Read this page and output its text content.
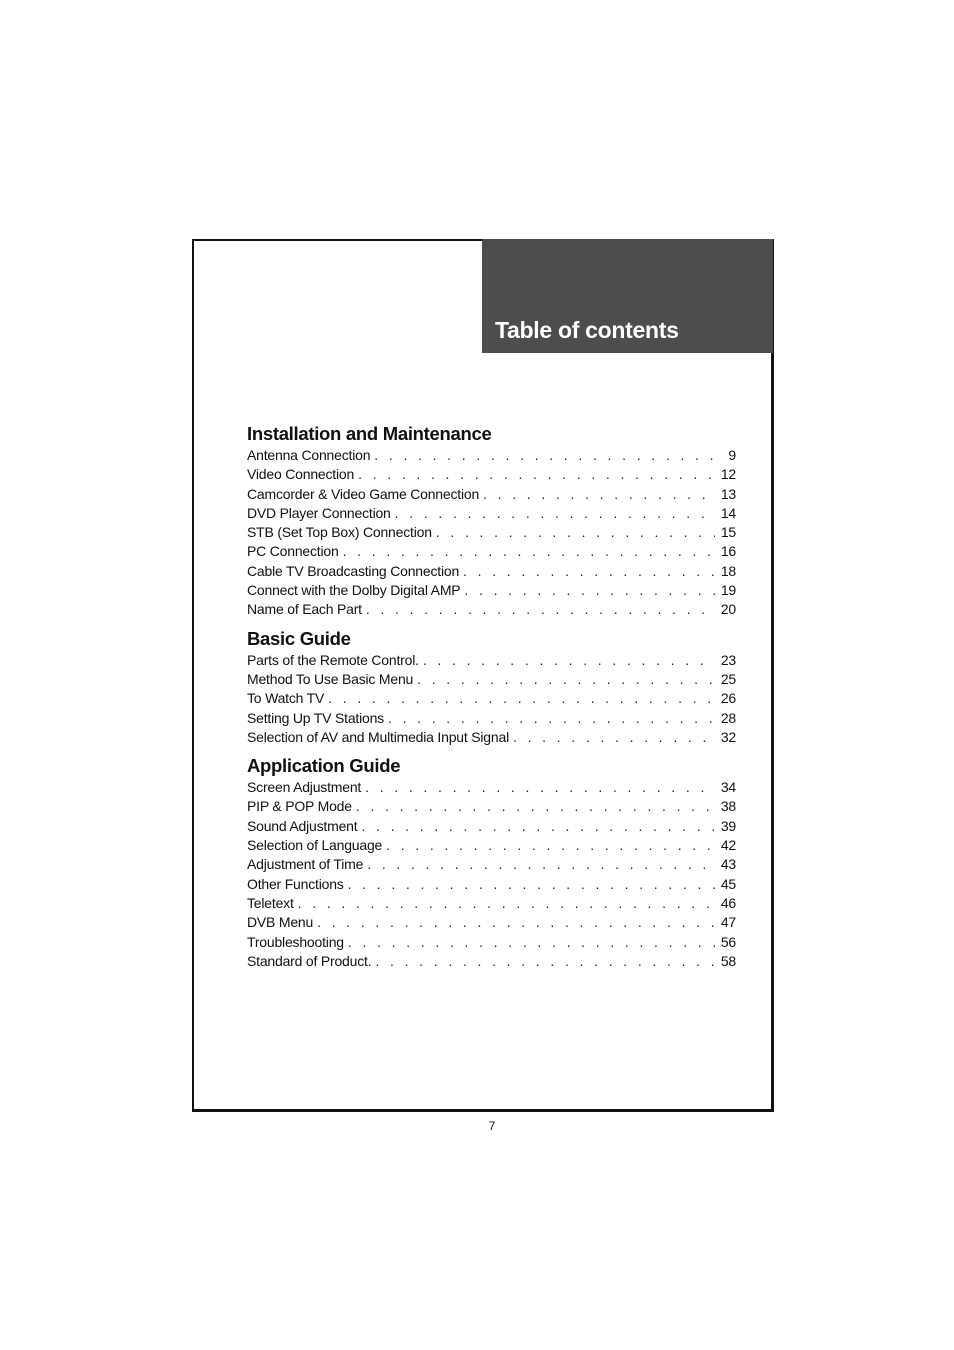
Table of contents
Installation and Maintenance
Antenna Connection . . .	9
Video Connection . . .	12
Camcorder & Video Game Connection . . .	13
DVD Player Connection . . .	14
STB (Set Top Box) Connection . . .	15
PC Connection . . .	16
Cable TV Broadcasting Connection . . .	18
Connect with the Dolby Digital AMP . . .	19
Name of Each Part . . .	20
Basic Guide
Parts of the Remote Control. . . .	23
Method To Use Basic Menu . . .	25
To Watch TV . . .	26
Setting Up TV Stations . . .	28
Selection of AV and Multimedia Input Signal . . .	32
Application Guide
Screen Adjustment . . .	34
PIP & POP Mode . . .	38
Sound Adjustment . . .	39
Selection of Language . . .	42
Adjustment of Time . . .	43
Other Functions . . .	45
Teletext . . .	46
DVB Menu . . .	47
Troubleshooting . . .	56
Standard of Product. . . .	58
7
